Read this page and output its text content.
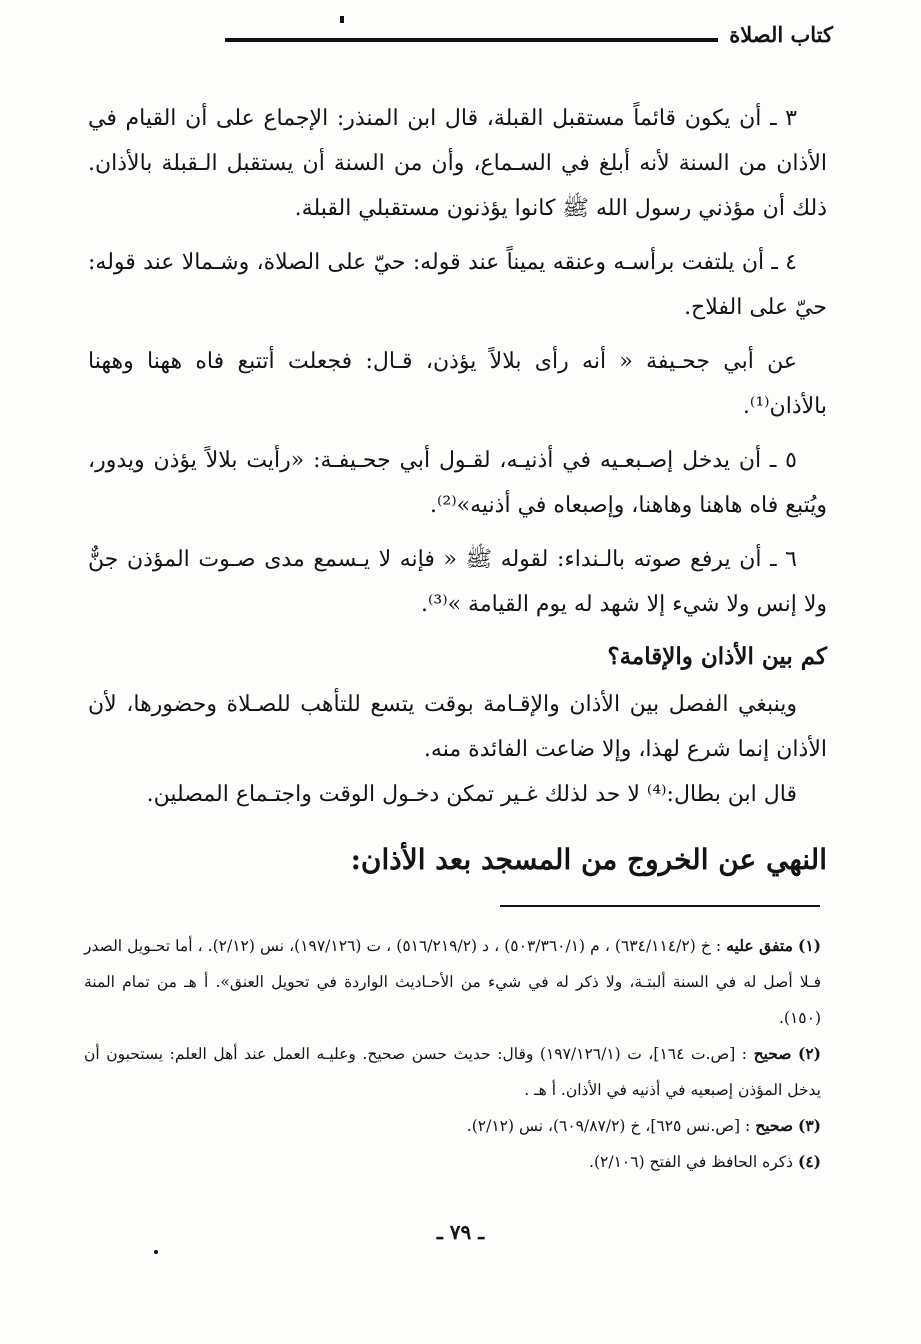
كتاب الصلاة

٣ ـ أن يكون قائماً مستقبل القبلة، قال ابن المنذر: الإجماع على أن القيام في الأذان من السنة لأنه أبلغ في السـماع، وأن من السنة أن يستقبل الـقبلة بالأذان. ذلك أن مؤذني رسول الله ﷺ كانوا يؤذنون مستقبلي القبلة.

٤ ـ أن يلتفت برأسـه وعنقه يميناً عند قوله: حيّ على الصلاة، وشـمالا عند قوله: حيّ على الفلاح.

عن أبي جحـيفة « أنه رأى بلالاً يؤذن، قـال: فجعلت أتتبع فاه ههنا وههنا بالأذان⁽¹⁾.

٥ ـ أن يدخل إصـبعـيه في أذنيـه، لقـول أبي جحـيفـة: «رأيت بلالاً يؤذن ويدور، ويُتبع فاه هاهنا وهاهنا، وإصبعاه في أذنيه»⁽²⁾.

٦ ـ أن يرفع صوته بالـنداء: لقوله ﷺ « فإنه لا يـسمع مدى صـوت المؤذن جنٌّ ولا إنس ولا شيء إلا شهد له يوم القيامة »⁽³⁾.

كم بين الأذان والإقامة؟

وينبغي الفصل بين الأذان والإقـامة بوقت يتسع للتأهب للصـلاة وحضورها، لأن الأذان إنما شرع لهذا، وإلا ضاعت الفائدة منه.

قال ابن بطال:⁽⁴⁾ لا حد لذلك غـير تمكن دخـول الوقت واجتـماع المصلين.

النهي عن الخروج من المسجد بعد الأذان:

(١) متفق عليه : خ (٦٣٤/١١٤/٢) ، م (٥٠٣/٣٦٠/١) ، د (٥١٦/٢١٩/٢) ، ت (١٩٧/١٢٦)، نس (٢/١٢). ، أما تحـويل الصدر فـلا أصل له في السنة ألبتـة، ولا ذكر له في شيء من الأحـاديث الواردة في تحويل العنق». أ هـ من تمام المنة (١٥٠).

(٢) صحيح : [ص.ت ١٦٤]، ت (١٩٧/١٢٦/١) وقال: حديث حسن صحيح. وعليـه العمل عند أهل العلم: يستحبون أن يدخل المؤذن إصبعيه في أذنيه في الأذان. أ هـ .

(٣) صحيح : [ص.نس ٦٢٥]، خ (٦٠٩/٨٧/٢)، نس (٢/١٢).

(٤) ذكره الحافظ في الفتح (٢/١٠٦).

ـ ٧٩ ـ
